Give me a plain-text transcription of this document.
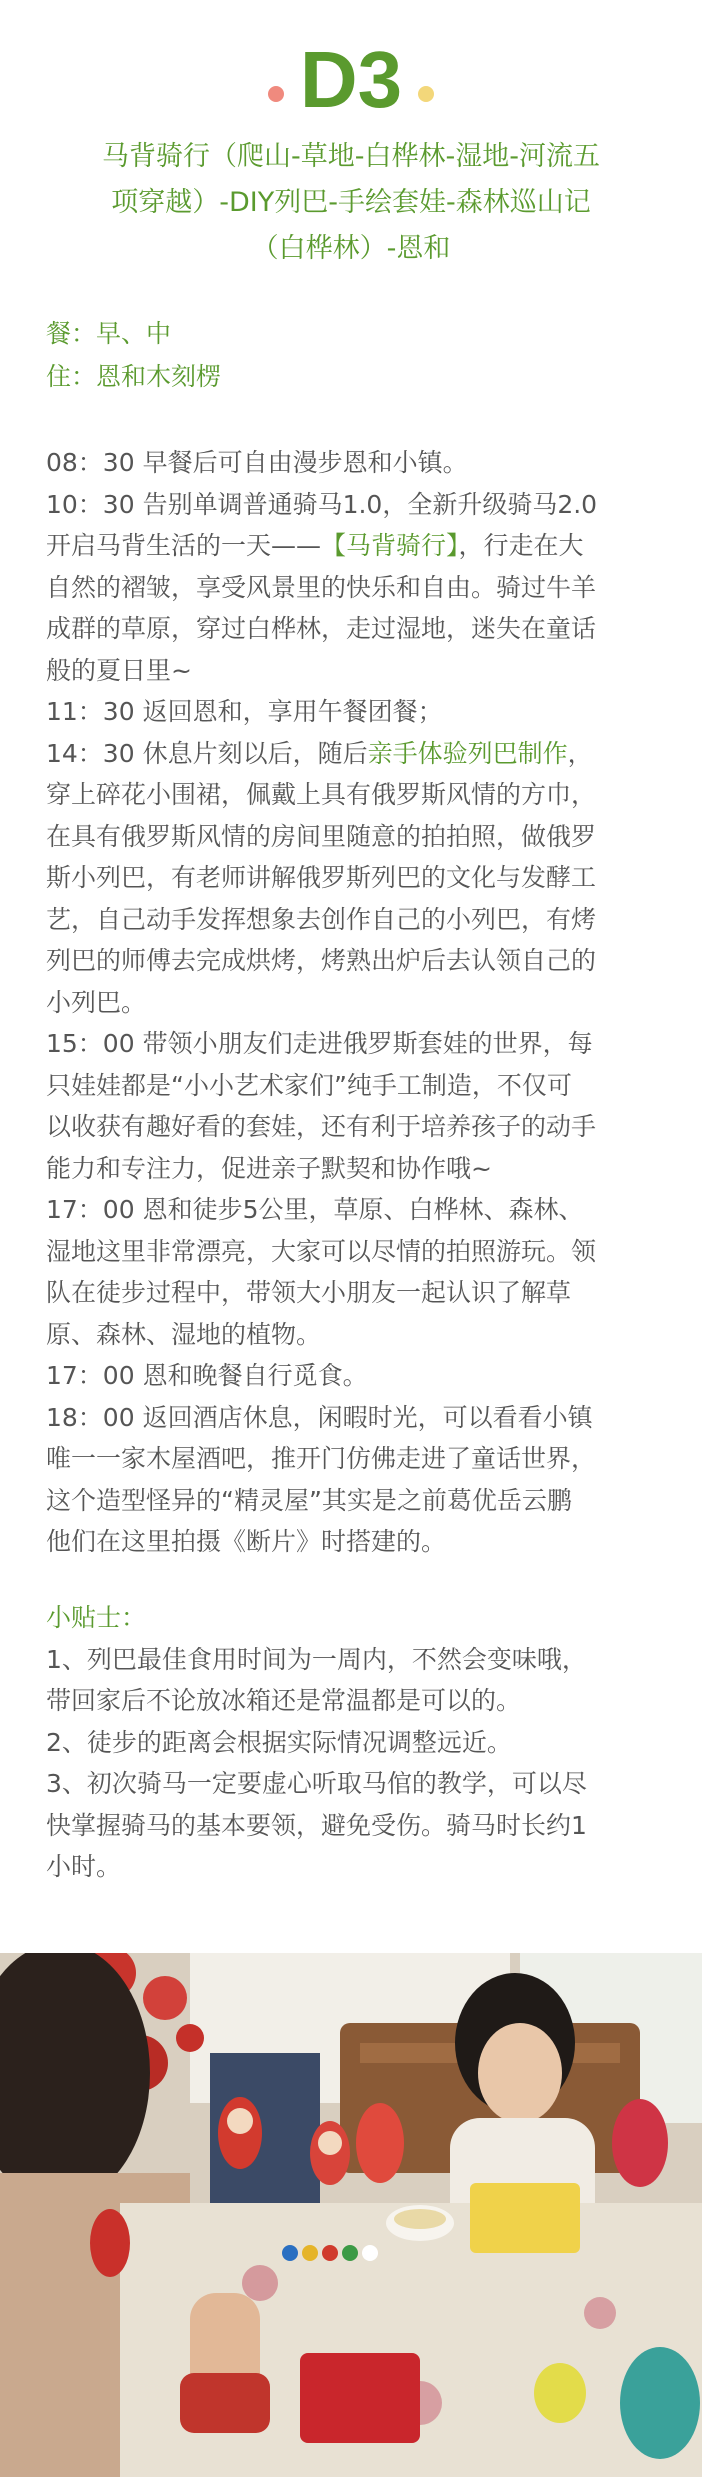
D3
马背骑行（爬山-草地-白桦林-湿地-河流五
项穿越）-DIY列巴-手绘套娃-森林巡山记
（白桦林）-恩和
餐：早、中
住：恩和木刻楞
08：30 早餐后可自由漫步恩和小镇。
10：30 告别单调普通骑马1.0，全新升级骑马2.0
开启马背生活的一天——【马背骑行】，行走在大
自然的褶皱，享受风景里的快乐和自由。骑过牛羊
成群的草原，穿过白桦林，走过湿地，迷失在童话
般的夏日里~
11：30 返回恩和，享用午餐团餐；
14：30 休息片刻以后，随后亲手体验列巴制作，
穿上碎花小围裙，佩戴上具有俄罗斯风情的方巾，
在具有俄罗斯风情的房间里随意的拍拍照，做俄罗
斯小列巴，有老师讲解俄罗斯列巴的文化与发酵工
艺，自己动手发挥想象去创作自己的小列巴，有烤
列巴的师傅去完成烘烤，烤熟出炉后去认领自己的
小列巴。
15：00 带领小朋友们走进俄罗斯套娃的世界，每
只娃娃都是“小小艺术家们”纯手工制造，不仅可
以收获有趣好看的套娃，还有利于培养孩子的动手
能力和专注力，促进亲子默契和协作哦~
17：00 恩和徒步5公里，草原、白桦林、森林、
湿地这里非常漂亮，大家可以尽情的拍照游玩。领
队在徒步过程中，带领大小朋友一起认识了解草
原、森林、湿地的植物。
17：00 恩和晚餐自行觅食。
18：00 返回酒店休息，闲暇时光，可以看看小镇
唯一一家木屋酒吧，推开门仿佛走进了童话世界，
这个造型怪异的“精灵屋”其实是之前葛优岳云鹏
他们在这里拍摄《断片》时搭建的。
小贴士：
1、列巴最佳食用时间为一周内，不然会变味哦，
带回家后不论放冰箱还是常温都是可以的。
2、徒步的距离会根据实际情况调整远近。
3、初次骑马一定要虚心听取马倌的教学，可以尽
快掌握骑马的基本要领，避免受伤。骑马时长约1
小时。
